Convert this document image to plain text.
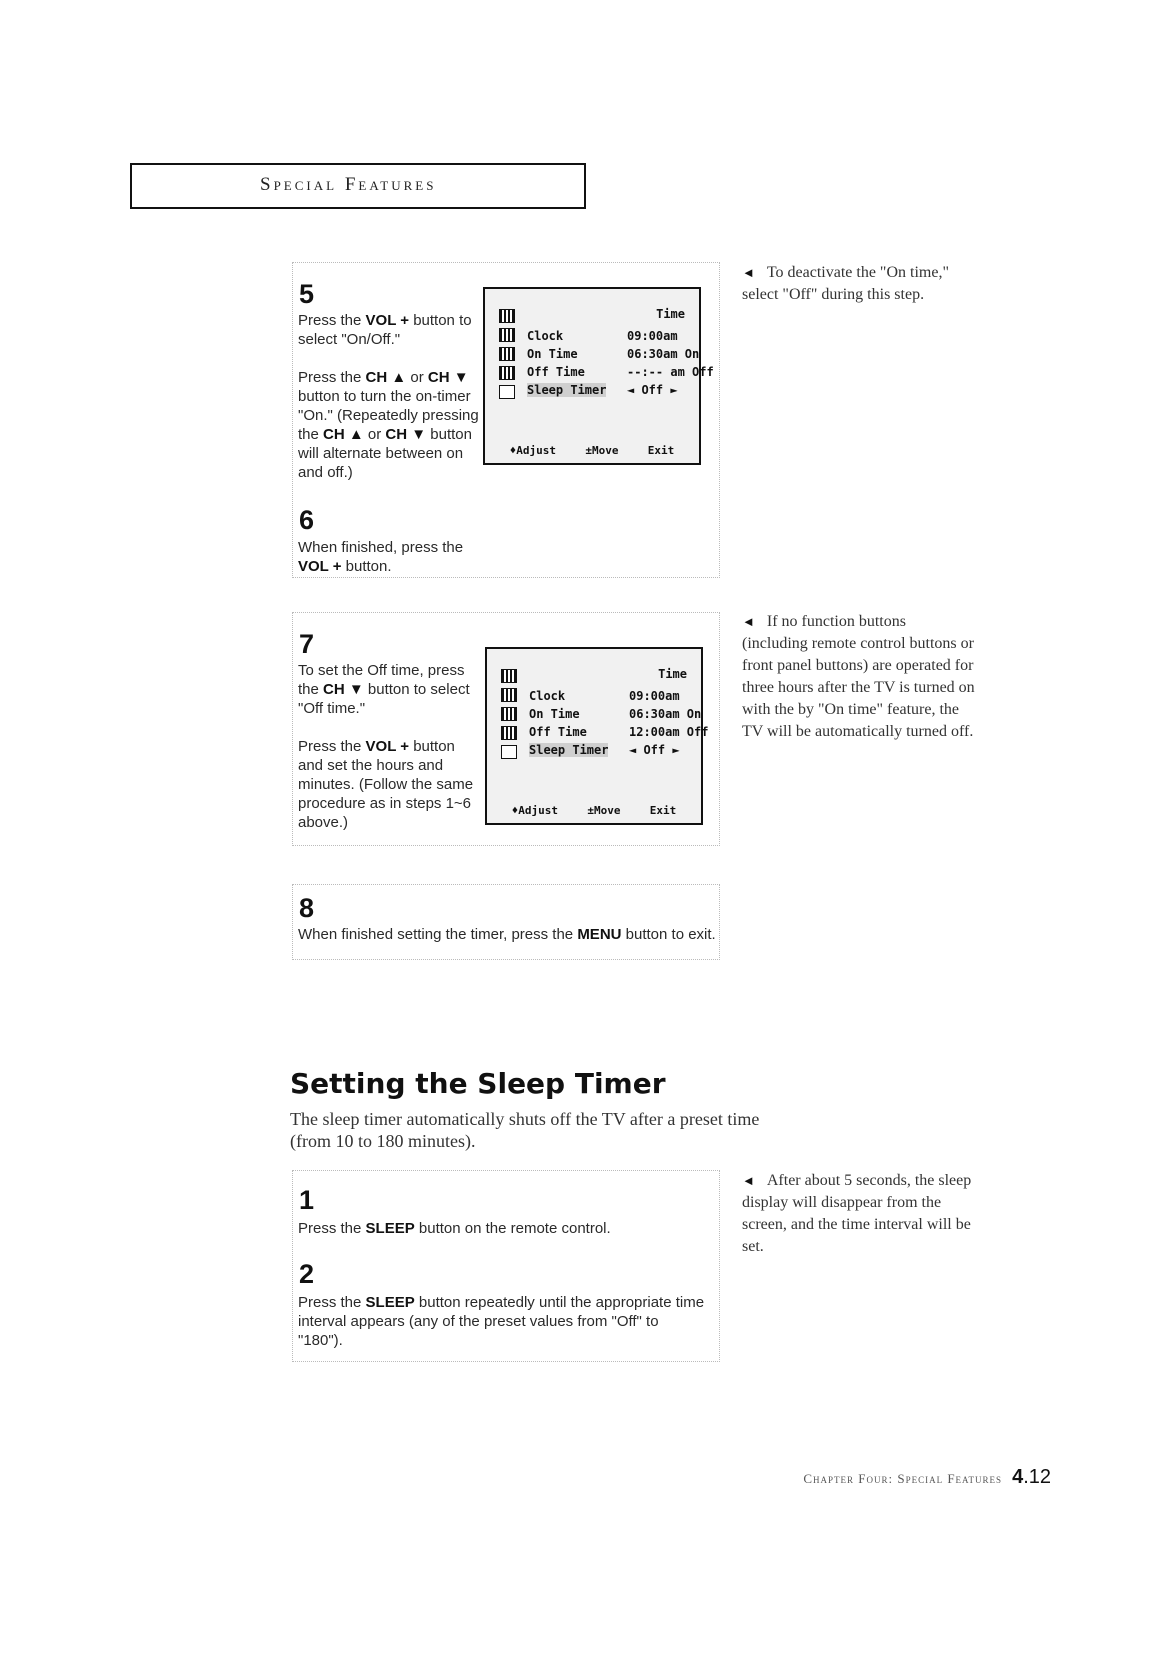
Special Features
5
Press the VOL + button to
select "On/Off."

Press the CH ▲ or CH ▼
button to turn the on-timer
"On." (Repeatedly pressing
the CH ▲ or CH ▼ button
will alternate between on
and off.)
6
When finished, press the
VOL + button.
Time
Clock	09:00am
On Time	06:30am On
Off Time	--:-- am Off
Sleep Timer ◄ Off ►
♦Adjust	±Move	Exit
7
To set the Off time, press
the CH ▼ button to select
"Off time."

Press the VOL + button
and set the hours and
minutes. (Follow the same
procedure as in steps 1~6
above.)
Time
Clock	09:00am
On Time	06:30am On
Off Time	12:00am Off
Sleep Timer ◄ Off ►
♦Adjust	±Move	Exit
8
When finished setting the timer, press the MENU button to exit.
◄ To deactivate the "On time,"
select "Off" during this step.
◄ If no function buttons
(including remote control buttons or
front panel buttons) are operated for
three hours after the TV is turned on
with the by "On time" feature, the
TV will be automatically turned off.
◄ After about 5 seconds, the sleep
display will disappear from the
screen, and the time interval will be
set.
Setting the Sleep Timer
The sleep timer automatically shuts off the TV after a preset time
(from 10 to 180 minutes).
1
Press the SLEEP button on the remote control.
2
Press the SLEEP button repeatedly until the appropriate time
interval appears (any of the preset values from "Off" to
"180").
Chapter Four: Special Features 4.12
